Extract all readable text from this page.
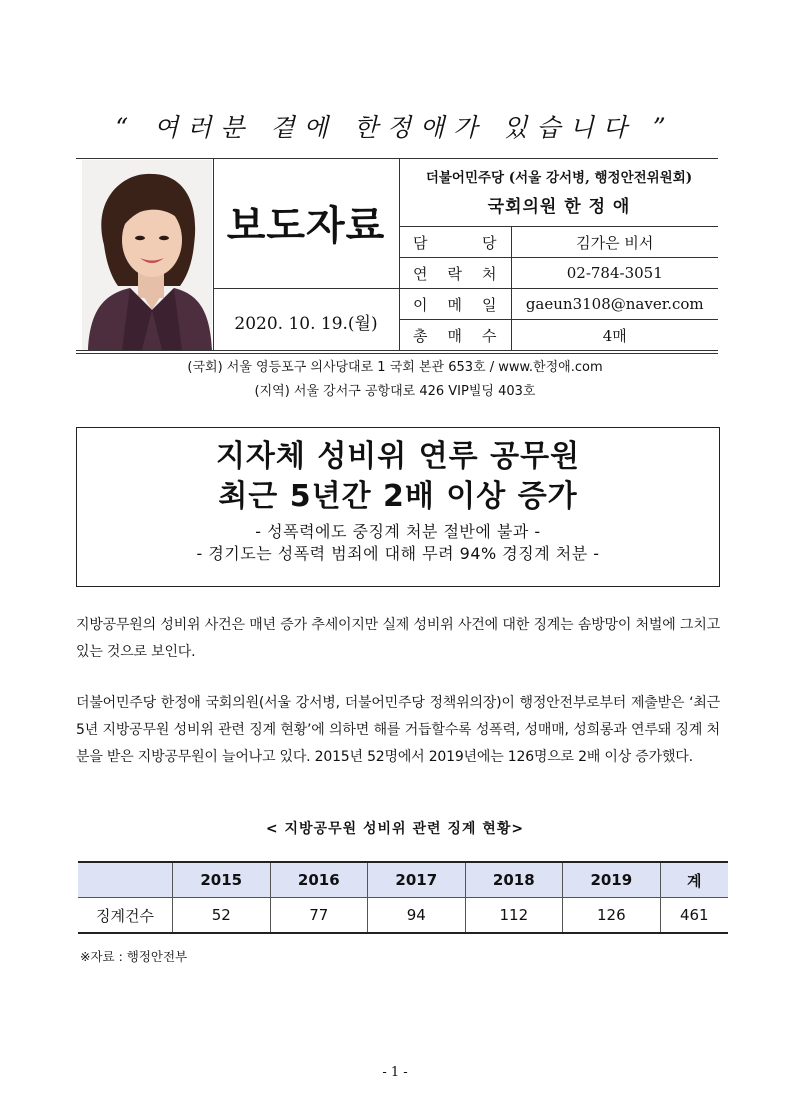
“ 여러분 곁에 한정애가 있습니다 ”
보도자료
2020. 10. 19.(월)
더불어민주당 (서울 강서병, 행정안전위원회)
국회의원 한 정 애
담 당	김가은 비서
연 락 처	02-784-3051
이 메 일	gaeun3108@naver.com
총 매 수	4매
(국회) 서울 영등포구 의사당대로 1 국회 본관 653호 / www.한정애.com
(지역) 서울 강서구 공항대로 426 VIP빌딩 403호
지자체 성비위 연루 공무원
최근 5년간 2배 이상 증가
- 성폭력에도 중징계 처분 절반에 불과 -
- 경기도는 성폭력 범죄에 대해 무려 94% 경징계 처분 -
지방공무원의 성비위 사건은 매년 증가 추세이지만 실제 성비위 사건에 대한 징계는 솜방망이 처벌에 그치고 있는 것으로 보인다.
더불어민주당 한정애 국회의원(서울 강서병, 더불어민주당 정책위의장)이 행정안전부로부터 제출받은 ‘최근 5년 지방공무원 성비위 관련 징계 현황’에 의하면 해를 거듭할수록 성폭력, 성매매, 성희롱과 연루돼 징계 처분을 받은 지방공무원이 늘어나고 있다. 2015년 52명에서 2019년에는 126명으로 2배 이상 증가했다.
< 지방공무원 성비위 관련 징계 현황>
	2015	2016	2017	2018	2019	계
징계건수	52	77	94	112	126	461
※자료 : 행정안전부
- 1 -
